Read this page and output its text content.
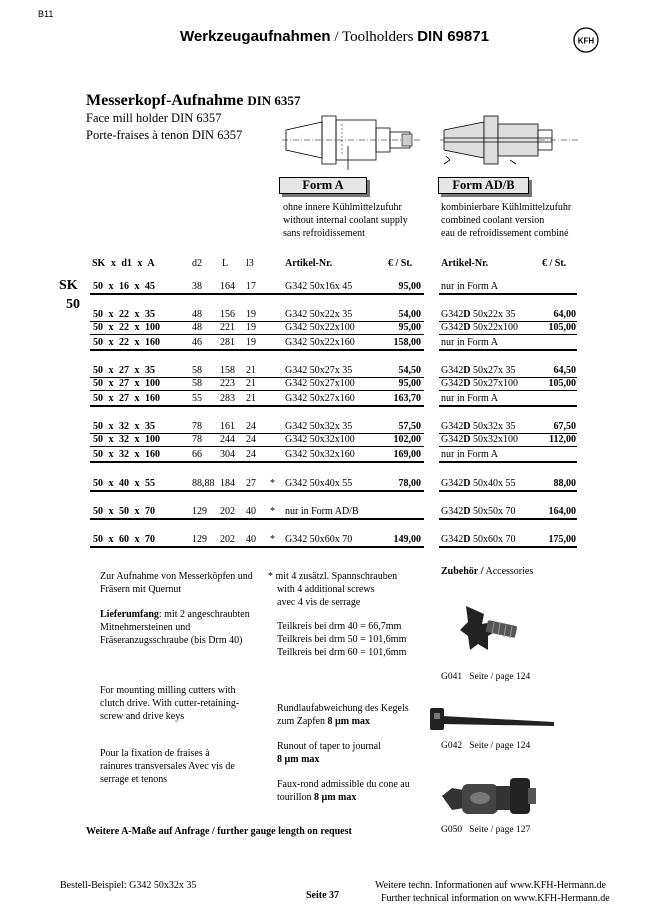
B11
Werkzeugaufnahmen / Toolholders DIN 69871	KFH
Messerkopf-Aufnahme DIN 6357
Face mill holder DIN 6357
Porte-fraises à tenon DIN 6357
Form A	Form AD/B
ohne innere Kühlmittelzufuhr
without internal coolant supply
sans refroidissement
kombinierbare Kühlmittelzufuhr
combined coolant version
eau de refroidissement combiné
SK x d1 x A	d2 L l3	Artikel-Nr.	€ / St.	Artikel-Nr.	€ / St.
SK
50
Zur Aufnahme von Messerköpfen und Fräsern mit Quernut
Lieferumfang: mit 2 angeschraubten Mitnehmersteinen und Fräseranzugsschraube (bis Drm 40)
For mounting milling cutters with clutch drive. With cutter-retaining-screw and drive keys
Pour la fixation de fraises à rainures transversales Avec vis de serrage et tenons
* mit 4 zusätzl. Spannschrauben
with 4 additional screws
avec 4 vis de serrage
Teilkreis bei drm 40 = 66,7mm
Teilkreis bei drm 50 = 101,6mm
Teilkreis bei drm 60 = 101,6mm
Rundlaufabweichung des Kegels zum Zapfen 8 µm max
Runout of taper to journal
8 µm max
Faux-rond admissible du cone au tourillon 8 µm max
Zubehör / Accessories
G041 Seite / page 124
G042 Seite / page 124
G050 Seite / page 127
Weitere A-Maße auf Anfrage / further gauge length on request
Bestell-Beispiel: G342 50x32x 35
Seite 37
Weitere techn. Informationen auf www.KFH-Hermann.de
Further technical information on www.KFH-Hermann.de
50 x 16 x 45	38 164 17	G342 50x16x 45	95,00 nur in Form A
50 x 22 x 35	48 156 19	G342 50x22x 35	54,00 G342D 50x22x 35	64,00
50 x 22 x 100	48 221 19	G342 50x22x100	95,00 G342D 50x22x100	105,00
50 x 22 x 160	46 281 19	G342 50x22x160	158,00 nur in Form A
50 x 27 x 35	58 158 21	G342 50x27x 35	54,50 G342D 50x27x 35	64,50
50 x 27 x 100	58 223 21	G342 50x27x100	95,00 G342D 50x27x100	105,00
50 x 27 x 160	55 283 21	G342 50x27x160	163,70 nur in Form A
50 x 32 x 35	78 161 24	G342 50x32x 35	57,50 G342D 50x32x 35	67,50
50 x 32 x 100	78 244 24	G342 50x32x100	102,00 G342D 50x32x100	112,00
50 x 32 x 160	66 304 24	G342 50x32x160	169,00 nur in Form A
50 x 40 x 55	88,88 184 27 * G342 50x40x 55	78,00 G342D 50x40x 55	88,00
50 x 50 x 70	129 202 40 * nur in Form AD/B	G342D 50x50x 70	164,00
50 x 60 x 70	129 202 40 * G342 50x60x 70	149,00 G342D 50x60x 70	175,00
